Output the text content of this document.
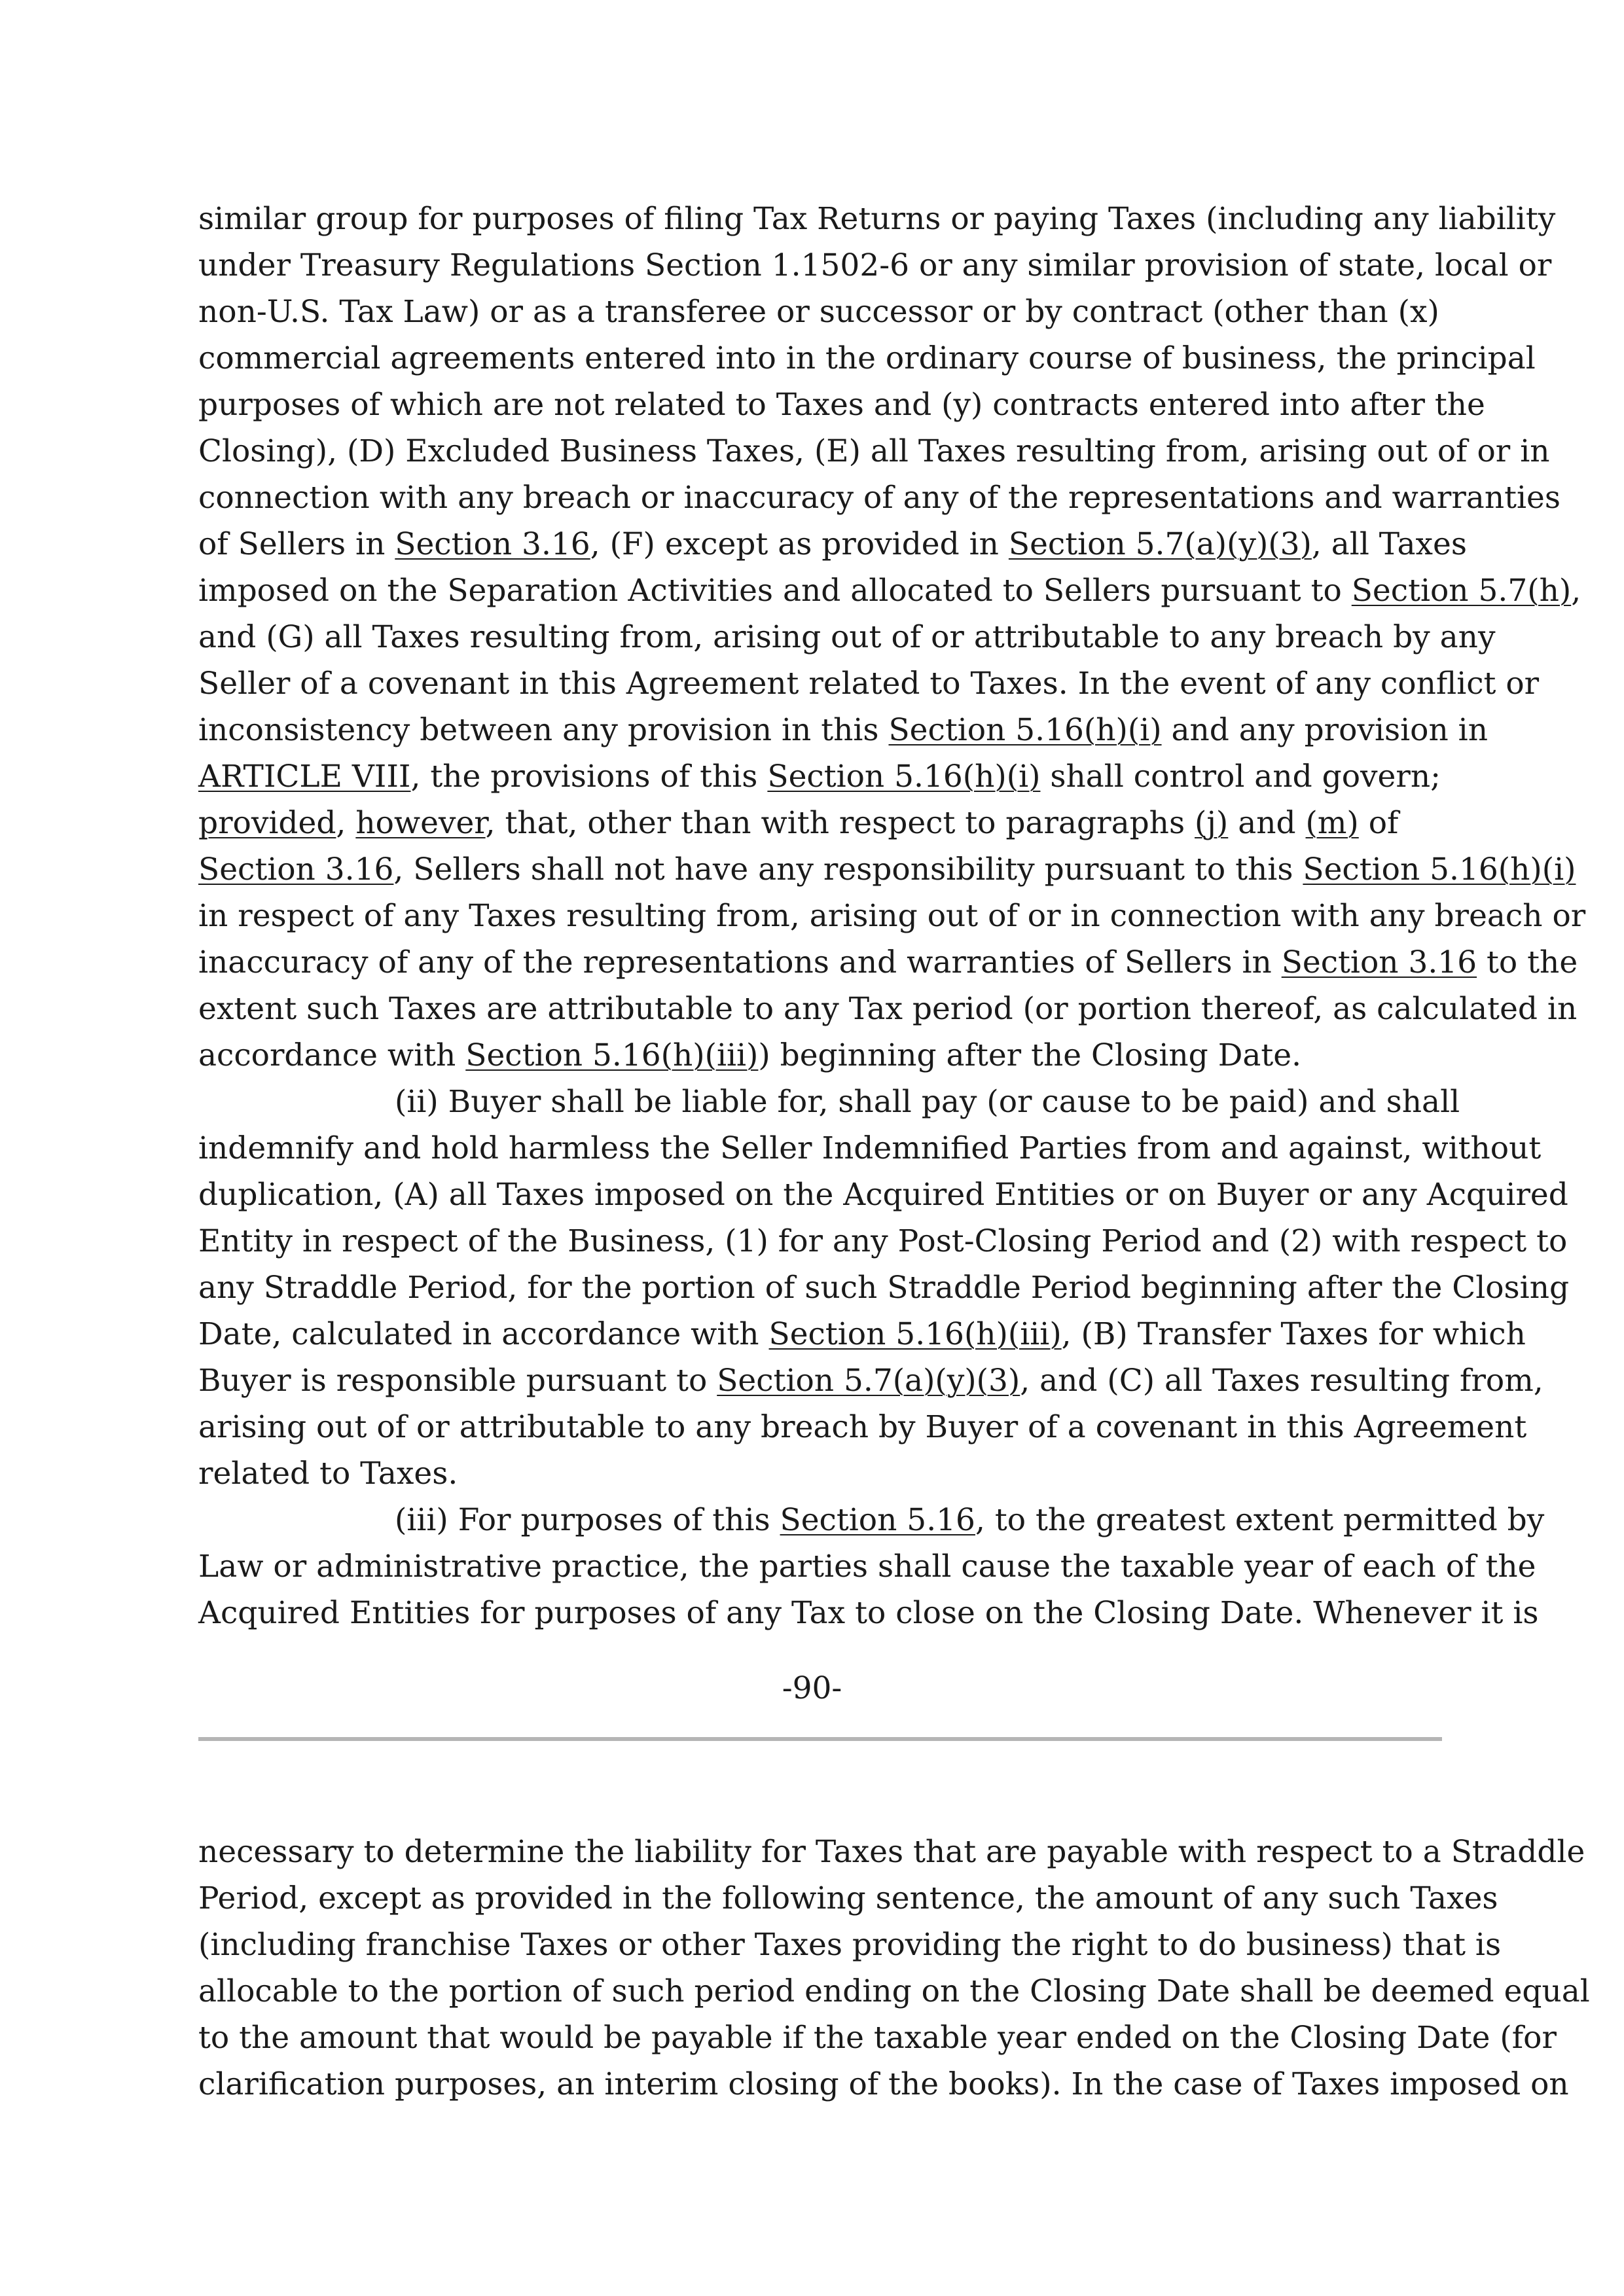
similar group for purposes of filing Tax Returns or paying Taxes (including any liability
under Treasury Regulations Section 1.1502-6 or any similar provision of state, local or
non-U.S. Tax Law) or as a transferee or successor or by contract (other than (x)
commercial agreements entered into in the ordinary course of business, the principal
purposes of which are not related to Taxes and (y) contracts entered into after the
Closing), (D) Excluded Business Taxes, (E) all Taxes resulting from, arising out of or in
connection with any breach or inaccuracy of any of the representations and warranties
of Sellers in Section 3.16, (F) except as provided in Section 5.7(a)(y)(3), all Taxes
imposed on the Separation Activities and allocated to Sellers pursuant to Section 5.7(h),
and (G) all Taxes resulting from, arising out of or attributable to any breach by any
Seller of a covenant in this Agreement related to Taxes. In the event of any conflict or
inconsistency between any provision in this Section 5.16(h)(i) and any provision in
ARTICLE VIII, the provisions of this Section 5.16(h)(i) shall control and govern;
provided, however, that, other than with respect to paragraphs (j) and (m) of
Section 3.16, Sellers shall not have any responsibility pursuant to this Section 5.16(h)(i)
in respect of any Taxes resulting from, arising out of or in connection with any breach or
inaccuracy of any of the representations and warranties of Sellers in Section 3.16 to the
extent such Taxes are attributable to any Tax period (or portion thereof, as calculated in
accordance with Section 5.16(h)(iii)) beginning after the Closing Date.
(ii) Buyer shall be liable for, shall pay (or cause to be paid) and shall
indemnify and hold harmless the Seller Indemnified Parties from and against, without
duplication, (A) all Taxes imposed on the Acquired Entities or on Buyer or any Acquired
Entity in respect of the Business, (1) for any Post-Closing Period and (2) with respect to
any Straddle Period, for the portion of such Straddle Period beginning after the Closing
Date, calculated in accordance with Section 5.16(h)(iii), (B) Transfer Taxes for which
Buyer is responsible pursuant to Section 5.7(a)(y)(3), and (C) all Taxes resulting from,
arising out of or attributable to any breach by Buyer of a covenant in this Agreement
related to Taxes.
(iii) For purposes of this Section 5.16, to the greatest extent permitted by
Law or administrative practice, the parties shall cause the taxable year of each of the
Acquired Entities for purposes of any Tax to close on the Closing Date. Whenever it is
-90-
necessary to determine the liability for Taxes that are payable with respect to a Straddle
Period, except as provided in the following sentence, the amount of any such Taxes
(including franchise Taxes or other Taxes providing the right to do business) that is
allocable to the portion of such period ending on the Closing Date shall be deemed equal
to the amount that would be payable if the taxable year ended on the Closing Date (for
clarification purposes, an interim closing of the books). In the case of Taxes imposed on
